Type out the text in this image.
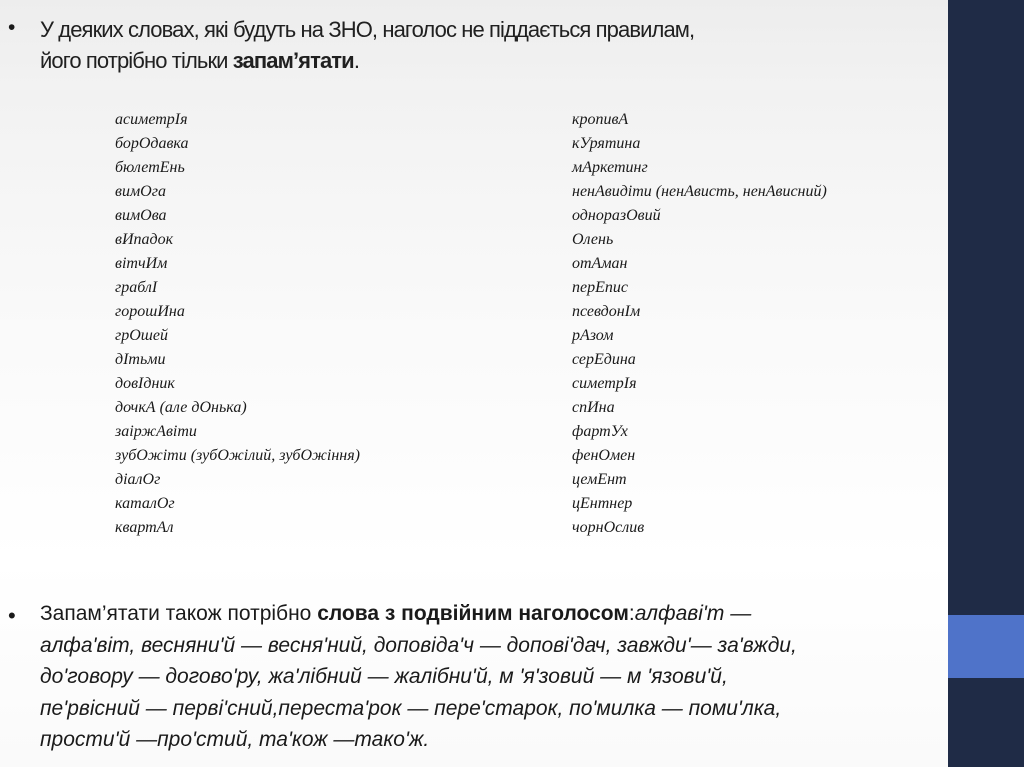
• У деяких словах, які будуть на ЗНО, наголос не піддається правилам,
його потрібно тільки запам’ятати.
асиметрІя
борОдавка
бюлетЕнь
вимОга
вимОва
вИпадок
вітчИм
граблІ
горошИна
грОшей
дІтьми
довІдник
дочкА (але дОнька)
заіржАвіти
зубОжіти (зубОжілий, зубОжіння)
діалОг
каталОг
квартАл
кропивА
кУрятина
мАркетинг
ненАвидіти (ненАвисть, ненАвисний)
одноразОвий
Олень
отАман
перЕпис
псевдонІм
рАзом
серЕдина
симетрІя
спИна
фартУх
фенОмен
цемЕнт
цЕнтнер
чорнОслив
• Запам’ятати також потрібно слова з подвійним наголосом:алфаві'т —
алфа'віт, весняни'й — весня'ний, доповіда'ч — допові'дач, завжди'— за'вжди,
до'говору — догово'ру, жа'лібний — жалібни'й, м 'я'зовий — м 'язови'й,
пе'рвісний — перві'сний,переста'рок — пере'старок, по'милка — поми'лка,
прости'й —про'стий, та'кож —тако'ж.
